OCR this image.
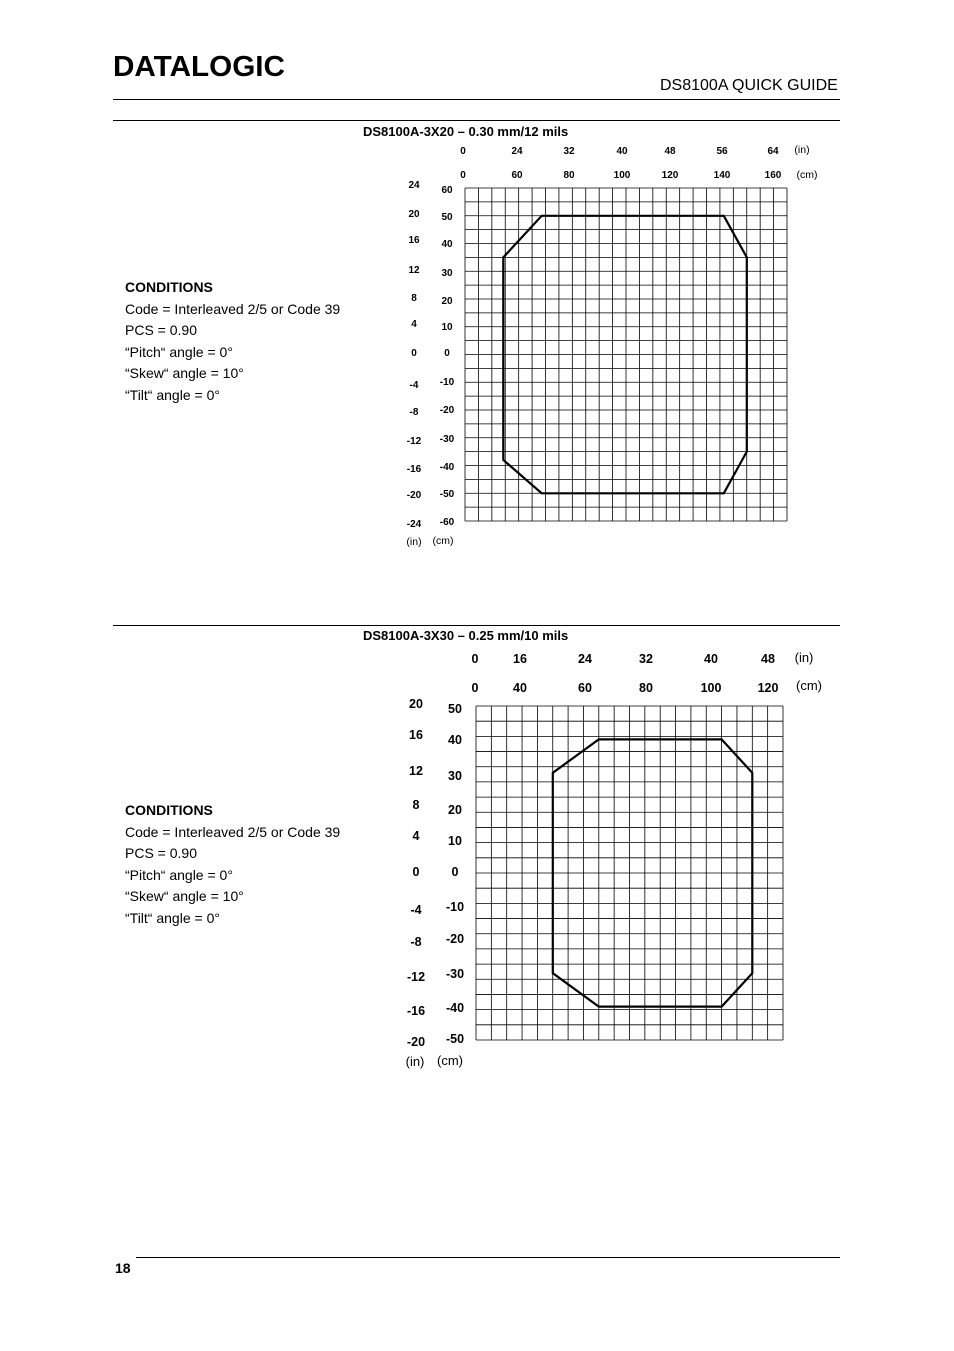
DATALOGIC
DS8100A QUICK GUIDE
DS8100A-3X20 – 0.30 mm/12 mils
CONDITIONS
Code = Interleaved 2/5 or Code 39
PCS = 0.90
“Pitch“ angle = 0°
“Skew“ angle = 10°
“Tilt“ angle = 0°
0	24	32	40	48	56	64
0	60	80	100	120	140	160
24
20
16
12
8
4
0
-4
-8
-12
-16
-20
-24
60
50
40
30
20
10
0
-10
-20
-30
-40
-50
-60
(in)
(cm)
(in) (cm)
DS8100A-3X30 – 0.25 mm/10 mils
CONDITIONS
Code = Interleaved 2/5 or Code 39
PCS = 0.90
“Pitch“ angle = 0°
“Skew“ angle = 10°
“Tilt“ angle = 0°
0	16	24	32	40	48
0	40	60	80	100	120
20
16
12
8
4
0
-4
-8
-12
-16
-20
50
40
30
20
10
0
-10
-20
-30
-40
-50
(in)
(cm)
(in) (cm)
18
